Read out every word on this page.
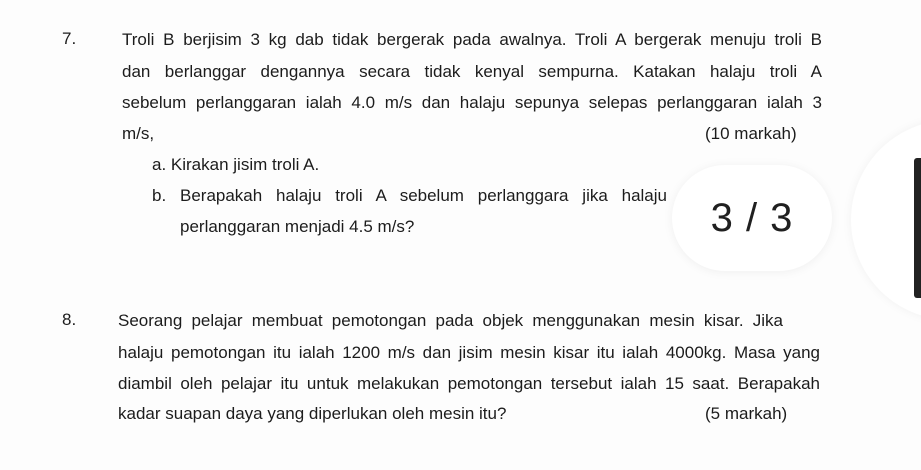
7.	Troli B berjisim 3 kg dab tidak bergerak pada awalnya. Troli A bergerak menuju troli B
dan berlanggar dengannya secara tidak kenyal sempurna. Katakan halaju troli A
sebelum perlanggaran ialah 4.0 m/s dan halaju sepunya selepas perlanggaran ialah 3
m/s,	(10 markah)
a. Kirakan jisim troli A.
b. Berapakah halaju troli A sebelum perlanggara jika halaju
perlanggaran menjadi 4.5 m/s?
8. Seorang pelajar membuat pemotongan pada objek menggunakan mesin kisar. Jika
halaju pemotongan itu ialah 1200 m/s dan jisim mesin kisar itu ialah 4000kg. Masa yang
diambil oleh pelajar itu untuk melakukan pemotongan tersebut ialah 15 saat. Berapakah
kadar suapan daya yang diperlukan oleh mesin itu?	(5 markah)
3 / 3
